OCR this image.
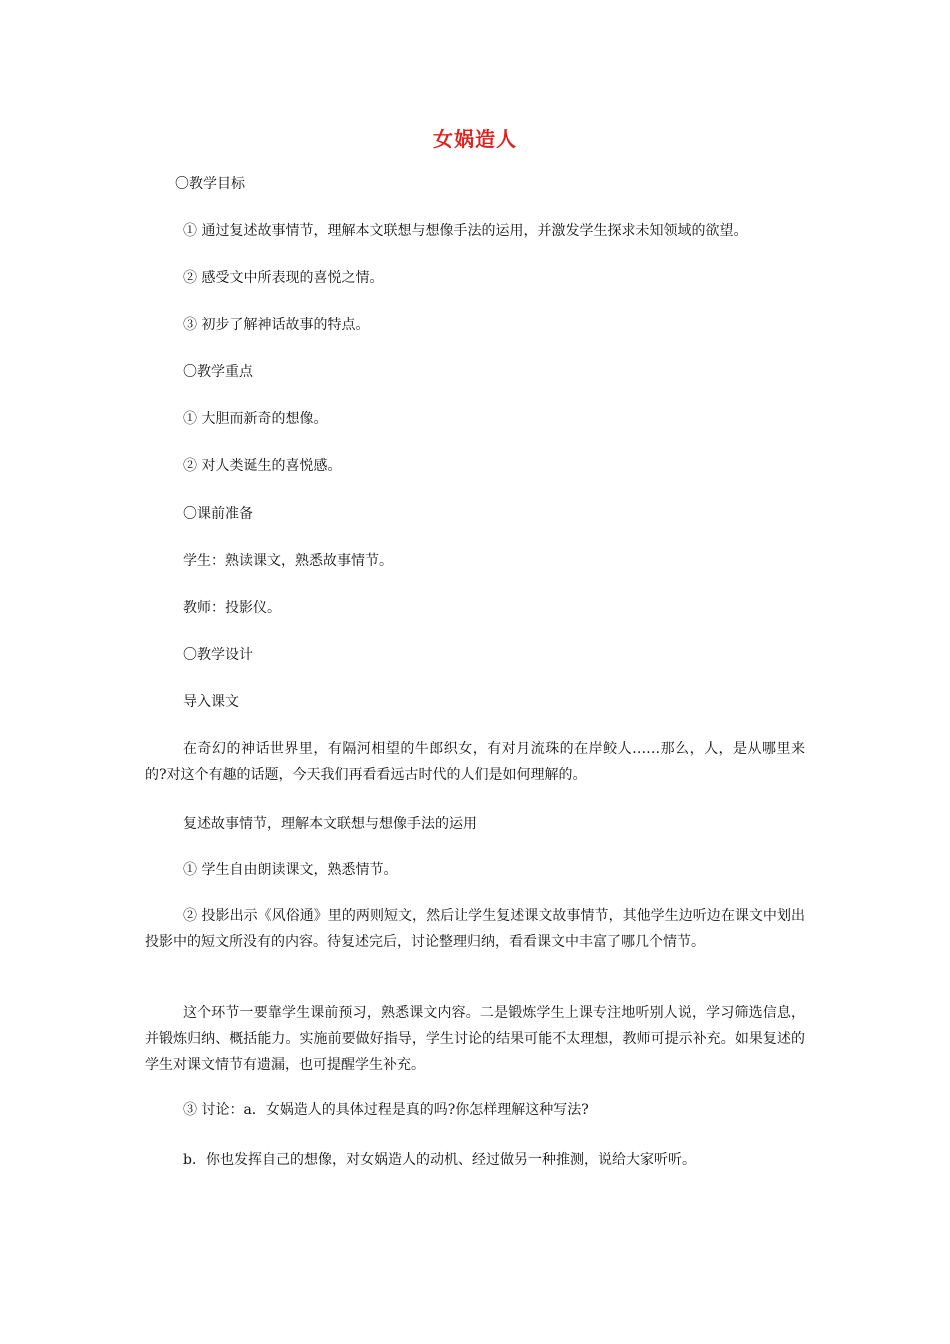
女娲造人
〇教学目标
① 通过复述故事情节，理解本文联想与想像手法的运用，并激发学生探求未知领域的欲望。
② 感受文中所表现的喜悦之情。
③ 初步了解神话故事的特点。
〇教学重点
① 大胆而新奇的想像。
② 对人类诞生的喜悦感。
〇课前准备
学生：熟读课文，熟悉故事情节。
教师：投影仪。
〇教学设计
导入课文
在奇幻的神话世界里，有隔河相望的牛郎织女，有对月流珠的在岸鲛人……那么，人，是从哪里来的?对这个有趣的话题，今天我们再看看远古时代的人们是如何理解的。
复述故事情节，理解本文联想与想像手法的运用
① 学生自由朗读课文，熟悉情节。
② 投影出示《风俗通》里的两则短文，然后让学生复述课文故事情节，其他学生边听边在课文中划出投影中的短文所没有的内容。待复述完后，讨论整理归纳，看看课文中丰富了哪几个情节。
这个环节一要靠学生课前预习，熟悉课文内容。二是锻炼学生上课专注地听别人说，学习筛选信息，并锻炼归纳、概括能力。实施前要做好指导，学生讨论的结果可能不太理想，教师可提示补充。如果复述的学生对课文情节有遗漏，也可提醒学生补充。
③ 讨论：a．女娲造人的具体过程是真的吗?你怎样理解这种写法?
b．你也发挥自己的想像，对女娲造人的动机、经过做另一种推测，说给大家听听。
